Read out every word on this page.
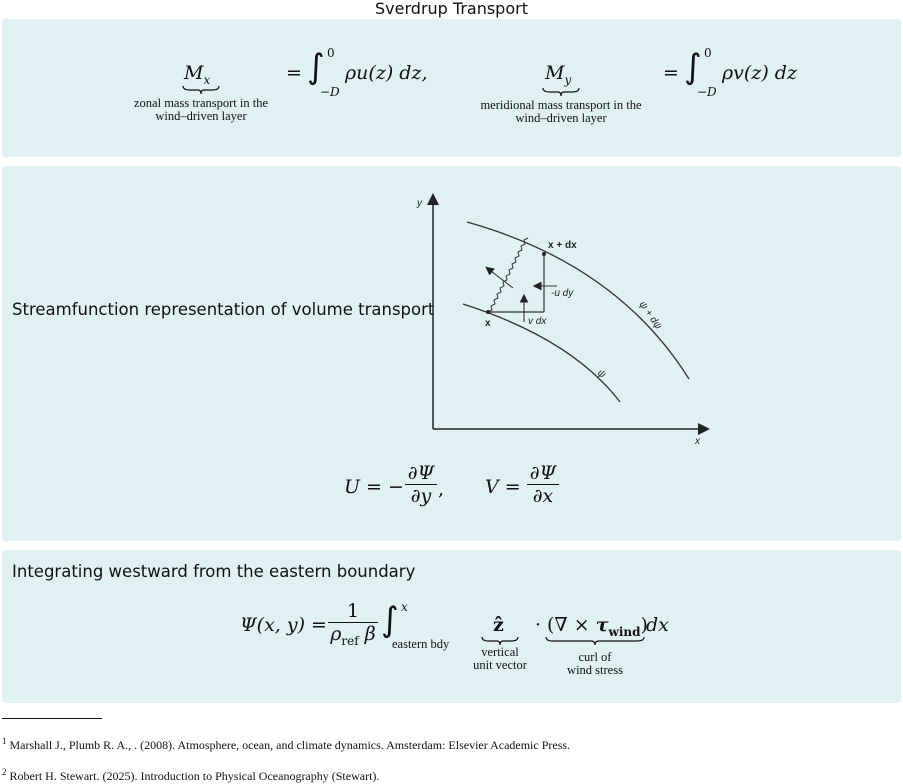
Sverdrup Transport
$M_x$
zonal mass transport in the
wind–driven layer
= ∫ 0
−D
ρu(z) dz,	$M_y$
meridional mass transport in the
wind–driven layer
= ∫ 0
−D
ρv(z) dz
Streamfunction representation of volume transport
y
x
x
x + dx
-u dy
v dx
ψ
ψ + dψ
U = −
∂Ψ
∂y , V =
∂Ψ
∂x
Integrating westward from the eastern boundary
Ψ(x, y) =
1
$\rho_{ref}$ β ∫ x
eastern bdy
ẑ
vertical
unit vector
· (∇ × $\tau_{wind}$)
curl of
wind stress
dx
$^1$ Marshall J., Plumb R. A., . (2008). Atmosphere, ocean, and climate dynamics. Amsterdam: Elsevier Academic Press.
$^2$ Robert H. Stewart. (2025). Introduction to Physical Oceanography (Stewart).
